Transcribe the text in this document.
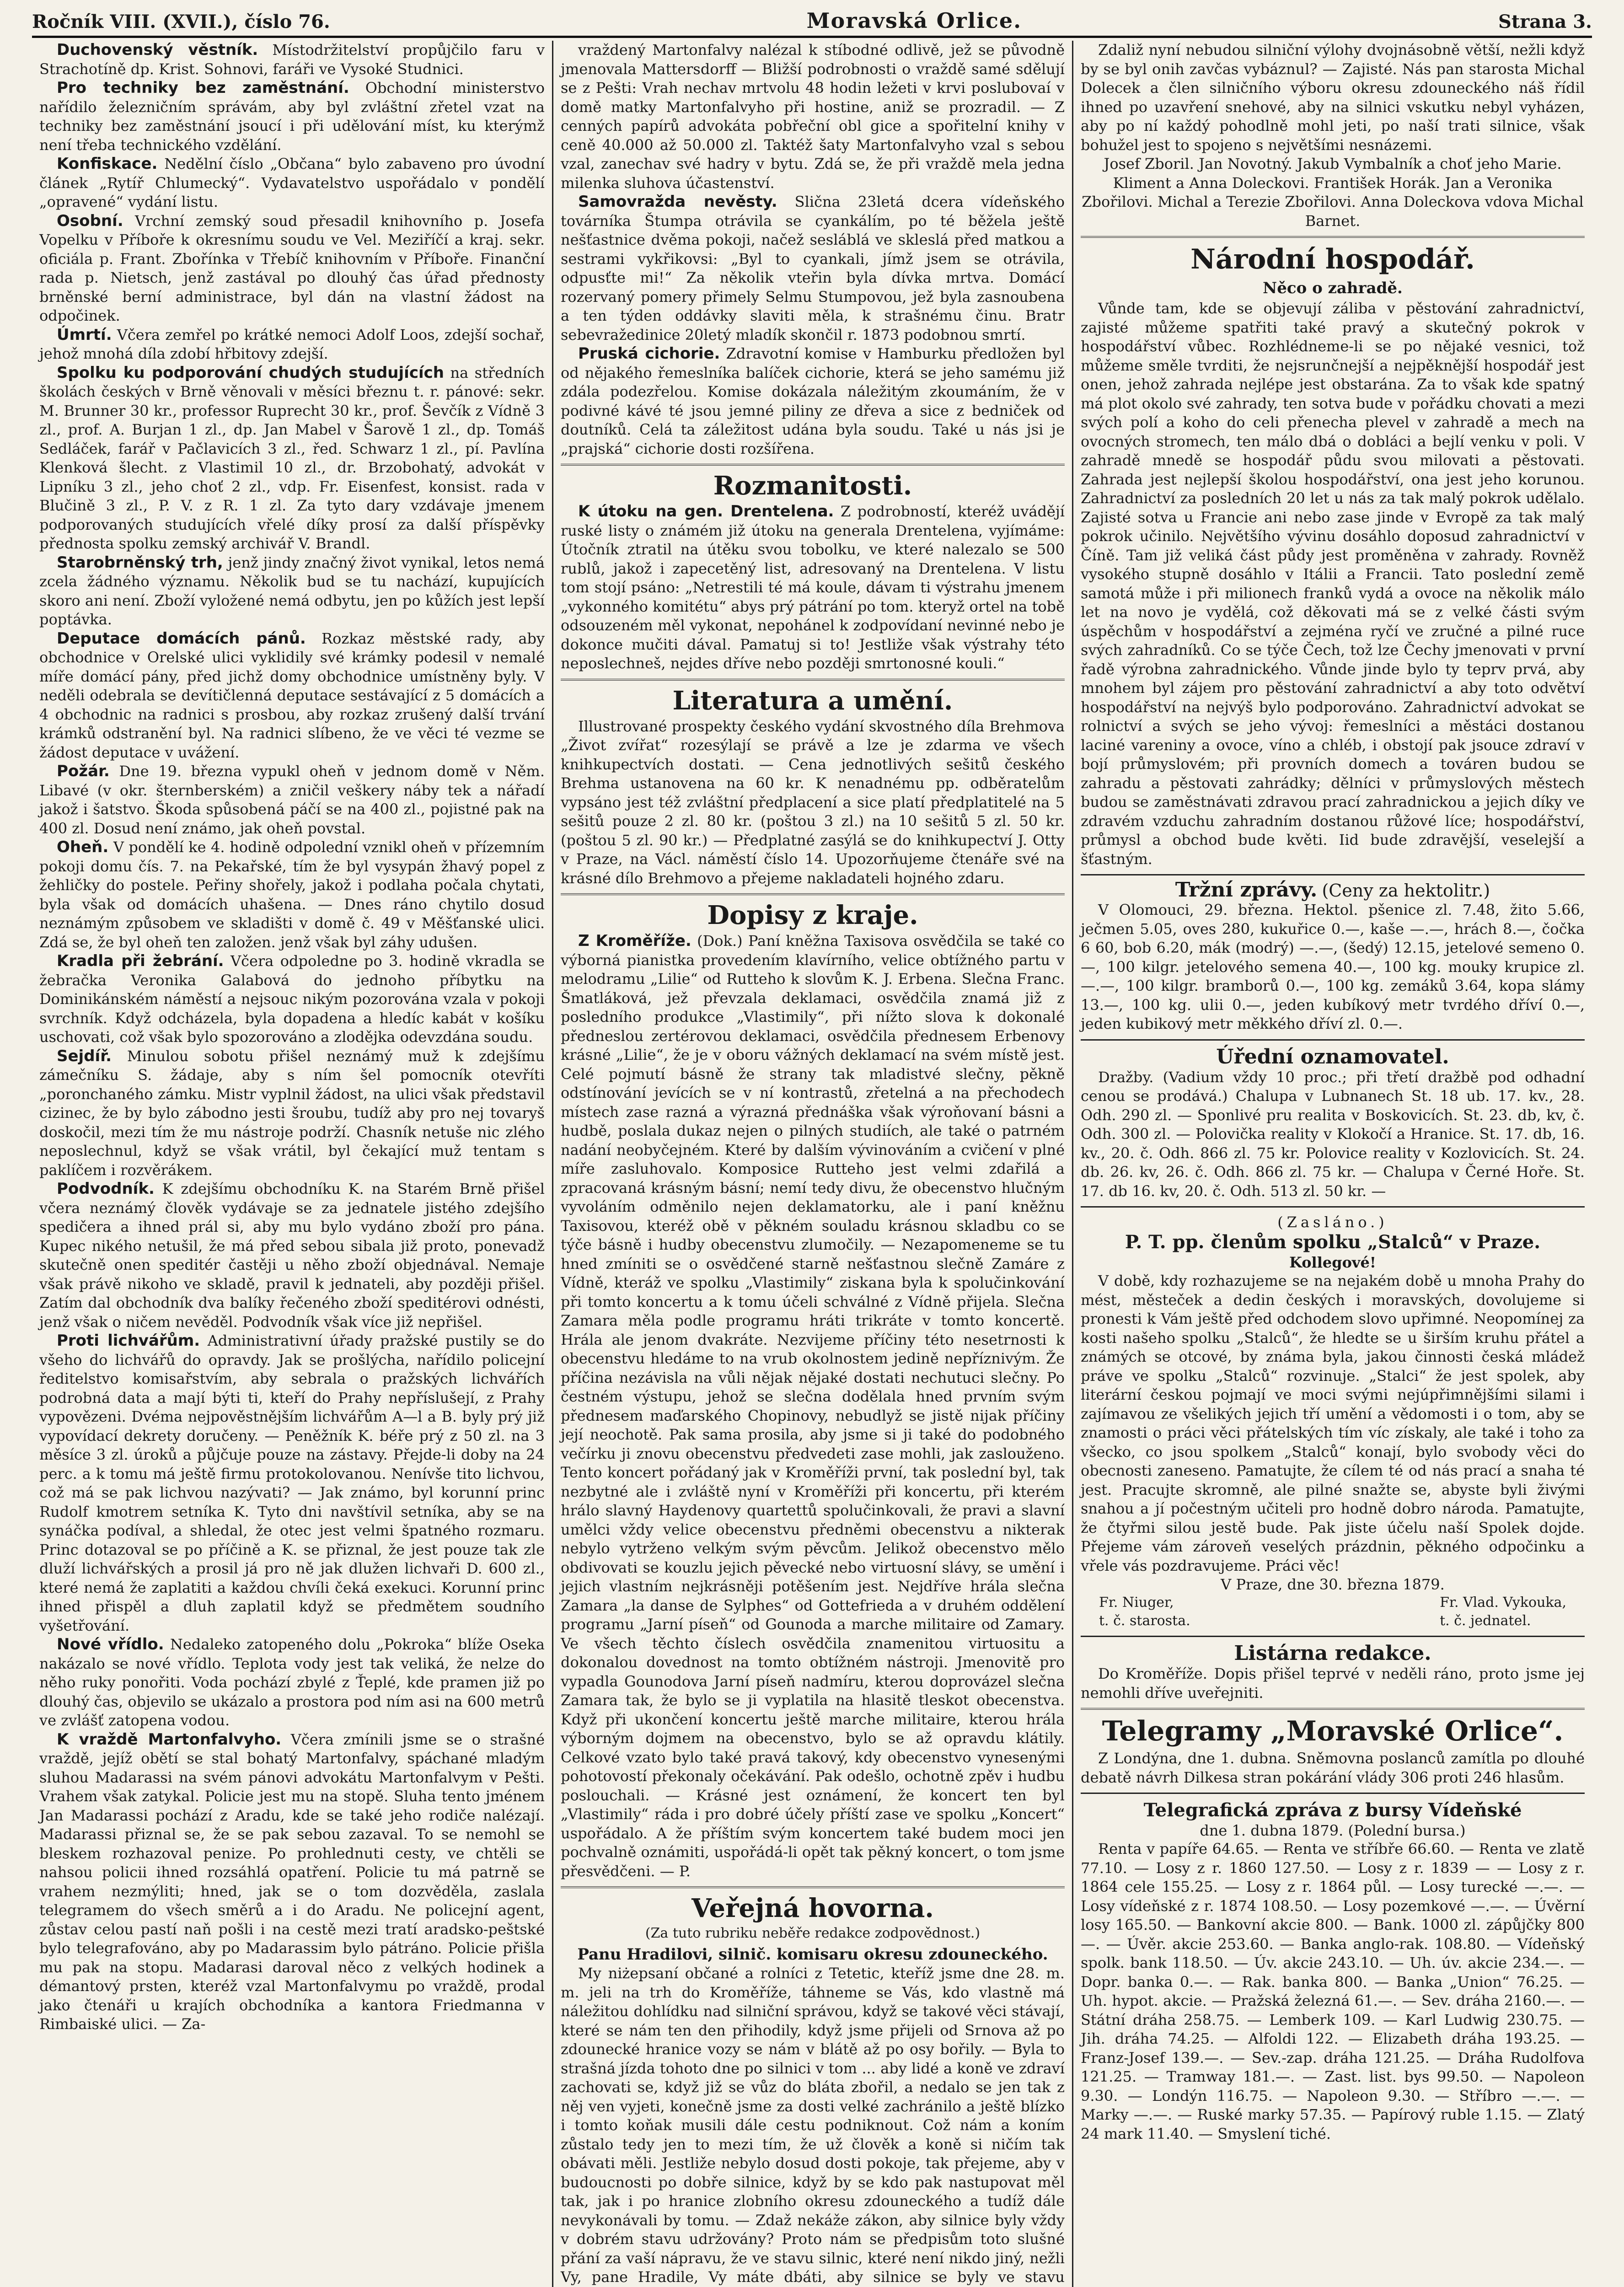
Ročník VIII. (XVII.), číslo 76.	Moravská Orlice.	Strana 3.

Duchovenský věstník. Místodržitelství propůjčilo faru v Strachotíně dp. Krist. Sohnovi, faráři ve Vysoké Studnici.

Pro techniky bez zaměstnání. Obchodní ministerstvo nařídilo železničním správám, aby byl zvláštní zřetel vzat na techniky bez zaměstnání jsoucí i při udělování míst, ku kterýmž není třeba technického vzdělání.

Konfiskace. Nedělní číslo „Občana“ bylo zabaveno pro úvodní článek „Rytíř Chlumecký“. Vydavatelstvo uspořádalo v pondělí „opravené“ vydání listu.

Osobní. Vrchní zemský soud přesadil knihovního p. Josefa Vopelku v Příboře k okresnímu soudu ve Vel. Meziříčí a kraj. sekr. oficiála p. Frant. Zbořínka v Třebíč knihovním v Příboře. Finanční rada p. Nietsch, jenž zastával po dlouhý čas úřad přednosty brněnské berní administrace, byl dán na vlastní žádost na odpočinek.

Úmrtí. Včera zemřel po krátké nemoci Adolf Loos, zdejší sochař, jehož mnohá díla zdobí hřbitovy zdejší.

Spolku ku podporování chudých studujících na středních školách českých v Brně věnovali v měsíci březnu t. r. pánové: sekr. M. Brunner 30 kr., professor Ruprecht 30 kr., prof. Ševčík z Vídně 3 zl., prof. A. Burjan 1 zl., dp. Jan Mabel v Šarově 1 zl., dp. Tomáš Sedláček, farář v Pačlavicích 3 zl., řed. Schwarz 1 zl., pí. Pavlína Klenková šlecht. z Vlastimil 10 zl., dr. Brzobohatý, advokát v Lipníku 3 zl., jeho choť 2 zl., vdp. Fr. Eisenfest, konsist. rada v Blučině 3 zl., P. V. z R. 1 zl. Za tyto dary vzdávaje jmenem podporovaných studujících vřelé díky prosí za další příspěvky přednosta spolku zemský archivář V. Brandl.

Starobrněnský trh, jenž jindy značný život vynikal, letos nemá zcela žádného významu. Několik bud se tu nachází, kupujících skoro ani není. Zboží vyložené nemá odbytu, jen po kůžích jest lepší poptávka.

Deputace domácích pánů. Rozkaz městské rady, aby obchodnice v Orelské ulici vyklidily své krámky podesil v nemalé míře domácí pány, před jichž domy obchodnice umístněny byly. V neděli odebrala se devítičlenná deputace sestávající z 5 domácích a 4 obchodnic na radnici s prosbou, aby rozkaz zrušený další trvání krámků odstranění byl. Na radnici slíbeno, že ve věci té vezme se žádost deputace v uvážení.

Požár. Dne 19. března vypukl oheň v jednom domě v Něm. Libavé (v okr. šternberském) a zničil veškery náby tek a nářadí jakož i šatstvo. Škoda spůsobená páčí se na 400 zl., pojistné pak na 400 zl. Dosud není známo, jak oheň povstal.

Oheň. V pondělí ke 4. hodině odpolední vznikl oheň v přízemním pokoji domu čís. 7. na Pekařské, tím že byl vysypán žhavý popel z žehličky do postele. Peřiny shořely, jakož i podlaha počala chytati, byla však od domácích uhašena. — Dnes ráno chytilo dosud neznámým způsobem ve skladišti v domě č. 49 v Měšťanské ulici. Zdá se, že byl oheň ten založen. jenž však byl záhy udušen.

Kradla při žebrání. Včera odpoledne po 3. hodině vkradla se žebračka Veronika Galabová do jednoho příbytku na Dominikánském náměstí a nejsouc nikým pozorována vzala v pokoji svrchník. Když odcházela, byla dopadena a hledíc kabát v košíku uschovati, což však bylo spozorováno a zlodějka odevzdána soudu.

Sejdíř. Minulou sobotu přišel neznámý muž k zdejšímu zámečníku S. žádaje, aby s ním šel pomocník otevříti „poronchaného zámku. Mistr vyplnil žádost, na ulici však představil cizinec, že by bylo zábodno jesti šroubu, tudíž aby pro nej tovaryš doskočil, mezi tím že mu nástroje podrží. Chasník netuše nic zlého neposlechnul, když se však vrátil, byl čekající muž tentam s paklíčem i rozvěrákem.

Podvodník. K zdejšímu obchodníku K. na Starém Brně přišel včera neznámý člověk vydávaje se za jednatele jistého zdejšího spedičera a ihned prál si, aby mu bylo vydáno zboží pro pána. Kupec nikého netušil, že má před sebou sibala již proto, ponevadž skutečně onen speditér častěji u něho zboží objednával. Nemaje však právě nikoho ve skladě, pravil k jednateli, aby později přišel. Zatím dal obchodník dva balíky řečeného zboží speditérovi odnésti, jenž však o ničem nevěděl. Podvodník však více již nepřišel.

Proti lichvářům. Administrativní úřady pražské pustily se do všeho do lichvářů do opravdy. Jak se prošlýcha, nařídilo policejní ředitelstvo komisařstvím, aby sebrala o pražských lichvářích podrobná data a mají býti ti, kteří do Prahy nepříslušejí, z Prahy vypovězeni. Dvéma nejpověstnějším lichvářům A—l a B. byly prý již vypovídací dekrety doručeny. — Peněžník K. béře prý z 50 zl. na 3 měsíce 3 zl. úroků a půjčuje pouze na zástavy. Přejde-li doby na 24 perc. a k tomu má ještě firmu protokolovanou. Nenívše tito lichvou, což má se pak lichvou nazývati? — Jak známo, byl korunní princ Rudolf kmotrem setníka K. Tyto dni navštívil setníka, aby se na synáčka podíval, a shledal, že otec jest velmi špatného rozmaru. Princ dotazoval se po příčině a K. se přiznal, že jest pouze tak zle dluží lichvářských a prosil já pro ně jak dlužen lichvaři D. 600 zl., které nemá že zaplatiti a každou chvíli čeká exekuci. Korunní princ ihned přispěl a dluh zaplatil když se předmětem soudního vyšetřování.

Nové vřídlo. Nedaleko zatopeného dolu „Pokroka“ blíže Oseka nakázalo se nové vřídlo. Teplota vody jest tak veliká, že nelze do něho ruky ponořiti. Voda pochází zbylé z Ťeplé, kde pramen již po dlouhý čas, objevilo se ukázalo a prostora pod ním asi na 600 metrů ve zvlášť zatopena vodou.

K vraždě Martonfalvyho. Včera zmínili jsme se o strašné vraždě, jejíž obětí se stal bohatý Martonfalvy, spáchané mladým sluhou Madarassi na svém pánovi advokátu Martonfalvym v Pešti. Vrahem však zatykal. Policie jest mu na stopě. Sluha tento jménem Jan Madarassi pochází z Aradu, kde se také jeho rodiče nalézají. Madarassi přiznal se, že se pak sebou zazaval. To se nemohl se bleskem rozhazoval penize. Po prohlednuti cesty, ve chtěli se nahsou policii ihned rozsáhlá opatření. Policie tu má patrně se vrahem nezmýliti; hned, jak se o tom dozvěděla, zaslala telegramem do všech směrů a i do Aradu. Ne policejní agent, zůstav celou pastí naň pošli i na cestě mezi tratí aradsko-peštské bylo telegrafováno, aby po Madarassim bylo pátráno. Policie přišla mu pak na stopu. Madarasi daroval něco z velkých hodinek a démantový prsten, kteréž vzal Martonfalvymu po vraždě, prodal jako čtenáři u krajích obchodníka a kantora Friedmanna v Rimbaiské ulici. — Za-

vraždený Martonfalvy nalézal k stíbodné odlivě, jež se původně jmenovala Mattersdorff — Bližší podrobnosti o vraždě samé sdělují se z Pešti: Vrah nechav mrtvolu 48 hodin ležeti v krvi poslubovaí v domě matky Martonfalvyho při hostine, aniž se prozradil. — Z cenných papírů advokáta pobřeční obl gice a spořitelní knihy v ceně 40.000 až 50.000 zl. Taktéž šaty Martonfalvyho vzal s sebou vzal, zanechav své hadry v bytu. Zdá se, že při vraždě mela jedna milenka sluhova účastenství.

Samovražda nevěsty. Slična 23letá dcera vídeňského továrníka Štumpa otrávila se cyankálím, po té běžela ještě nešťastnice dvěma pokoji, načež sesláblá ve skleslá před matkou a sestrami vykřikovsi: „Byl to cyankali, jímž jsem se otrávila, odpusťte mi!“ Za několik vteřin byla dívka mrtva. Domácí rozervaný pomery přimely Selmu Stumpovou, jež byla zasnoubena a ten týden oddávky slaviti měla, k strašnému činu. Bratr sebevražedinice 20letý mladík skončil r. 1873 podobnou smrtí.

Pruská cichorie. Zdravotní komise v Hamburku předložen byl od nějakého řemeslníka balíček cichorie, která se jeho samému již zdála podezřelou. Komise dokázala náležitým zkoumáním, že v podivné kávé té jsou jemné piliny ze dřeva a sice z bedniček od doutníků. Celá ta záležitost udána byla soudu. Také u nás jsi je „prajská“ cichorie dosti rozšířena.

Rozmanitosti.

K útoku na gen. Drentelena. Z podrobností, kteréž uvádějí ruské listy o známém již útoku na generala Drentelena, vyjímáme: Útočník ztratil na útěku svou tobolku, ve které nalezalo se 500 rublů, jakož i zapecetěný list, adresovaný na Drentelena. V listu tom stojí psáno: „Netrestili té má koule, dávam ti výstrahu jmenem „vykonného komitétu“ abys prý pátrání po tom. kteryž ortel na tobě odsouzeném měl vykonat, nepohánel k zodpovídaní nevinné nebo je dokonce mučiti dával. Pamatuj si to! Jestliže však výstrahy této neposlechneš, nejdes dříve nebo později smrtonosné kouli.“

Literatura a umění.

Illustrované prospekty českého vydání skvostného díla Brehmova „Život zvířat“ rozesýlají se právě a lze je zdarma ve všech knihkupectvích dostati. — Cena jednotlivých sešitů českého Brehma ustanovena na 60 kr. K nenadnému pp. odběratelům vypsáno jest též zvláštní předplacení a sice platí předplatitelé na 5 sešitů pouze 2 zl. 80 kr. (poštou 3 zl.) na 10 sešitů 5 zl. 50 kr. (poštou 5 zl. 90 kr.) — Předplatné zasýlá se do knihkupectví J. Otty v Praze, na Václ. náměstí číslo 14. Upozorňujeme čtenáře své na krásné dílo Brehmovo a přejeme nakladateli hojného zdaru.

Dopisy z kraje.

Z Kroměříže. (Dok.) Paní kněžna Taxisova osvědčila se také co výborná pianistka provedením klavírního, velice obtížného partu v melodramu „Lilie“ od Rutteho k slovům K. J. Erbena. Slečna Franc. Šmatláková, jež převzala deklamaci, osvědčila znamá již z posledního produkce „Vlastimily“, při nížto slova k dokonalé předneslou zertérovou deklamaci, osvědčila přednesem Erbenovy krásné „Lilie“, že je v oboru vážných deklamací na svém místě jest. Celé pojmutí básně že strany tak mladistvé slečny, pěkně odstínování jevících se v ní kontrastů, zřetelná a na přechodech místech zase razná a výrazná přednáška však výroňovaní básni a hudbě, poslala dukaz nejen o pilných studiích, ale také o patrném nadání neobyčejném. Které by dalším vývinováním a cvičení v plné míře zasluhovalo. Komposice Rutteho jest velmi zdařilá a zpracovaná krásným básní; nemí tedy divu, že obecenstvo hlučným vyvoláním odměnilo nejen deklamatorku, ale i paní kněžnu Taxisovou, kteréž obě v pěkném souladu krásnou skladbu co se týče básně i hudby obecenstvu zlumočily. — Nezapomeneme se tu hned zmíniti se o osvědčené starně nešťastnou slečně Zamáre z Vídně, kteráž ve spolku „Vlastimily“ ziskana byla k spolučinkování při tomto koncertu a k tomu účeli schválné z Vídně přijela. Slečna Zamara měla podle programu hráti trikráte v tomto koncertě. Hrála ale jenom dvakráte. Nezvijeme příčiny této nesetrnosti k obecenstvu hledáme to na vrub okolnostem jedině nepříznivým. Že příčina nezávisla na vůli nějak nějaké dostati nechutuci slečny. Po čestném výstupu, jehož se slečna dodělala hned prvním svým přednesem maďarského Chopinovy, nebudlyž se jistě nijak příčiny její neochotě. Pak sama prosila, aby jsme si ji také do podobného večírku ji znovu obecenstvu předvedeti zase mohli, jak zaslouženo. Tento koncert pořádaný jak v Kroměříži první, tak poslední byl, tak nezbytné ale i zvláště nyní v Kroměříži při koncertu, při kterém hrálo slavný Haydenovy quartettů spolučinkovali, že pravi a slavní umělci vždy velice obecenstvu předněmi obecenstvu a nikterak nebylo vytrženo velkým svým pěvcům. Jelikož obecenstvo mělo obdivovati se kouzlu jejich pěvecké nebo virtuosní slávy, se umění i jejich vlastním nejkrásněji potěšením jest. Nejdříve hrála slečna Zamara „la danse de Sylphes“ od Gottefrieda a v druhém oddělení programu „Jarní píseň“ od Gounoda a marche militaire od Zamary. Ve všech těchto číslech osvědčila znamenitou virtuositu a dokonalou dovednost na tomto obtížném nástroji. Jmenovitě pro vypadla Gounodova Jarní píseň nadmíru, kterou doprovázel slečna Zamara tak, že bylo se ji vyplatila na hlasitě tleskot obecenstva. Když při ukončení koncertu ještě marche militaire, kterou hrála výborným dojmem na obecenstvo, bylo se až opravdu klátily. Celkové vzato bylo také pravá takový, kdy obecenstvo vynesenými pohotovostí překonaly očekávání. Pak odešlo, ochotně zpěv i hudbu poslouchali. — Krásné jest oznámení, že koncert ten byl „Vlastimily“ ráda i pro dobré účely příští zase ve spolku „Koncert“ uspořádalo. A že příštím svým koncertem také budem moci jen pochvalně oznámiti, uspořádá-li opět tak pěkný koncert, o tom jsme přesvědčeni. — P.

Veřejná hovorna.
(Za tuto rubriku neběře redakce zodpovědnost.)
Panu Hradilovi, silnič. komisaru okresu zdouneckého.

My niżepsaní občané a rolníci z Tetetic, kteříž jsme dne 28. m. m. jeli na trh do Kroměříže, táhneme se Vás, kdo vlastně má náležitou dohlídku nad silniční správou, když se takové věci stávají, které se nám ten den přihodily, když jsme přijeli od Srnova až po zdounecké hranice vozy se nám v blátě až po osy bořily. — Byla to strašná jízda tohoto dne po silnici v tom ... aby lidé a koně ve zdraví zachovati se, když již se vůz do bláta zbořil, a nedalo se jen tak z něj ven vyjeti, konečně jsme za dosti velké zachránilo a ještě blízko i tomto koňak musili dále cestu podniknout. Což nám a koním zůstalo tedy jen to mezi tím, že už člověk a koně si ničím tak obávati měli. Jestliže nebylo dosud dosti pokoje, tak přejeme, aby v budoucnosti po dobře silnice, když by se kdo pak nastupovat měl tak, jak i po hranice zlobního okresu zdouneckého a tudíž dále nevykonávali by tomu. — Zdaž nekáže zákon, aby silnice byly vždy v dobrém stavu udržovány? Proto nám se předpisům toto slušné přání za vaší nápravu, že ve stavu silnic, které není nikdo jiný, nežli Vy, pane Hradile, Vy máte dbáti, aby silnice se byly ve stavu

Zdaliž nyní nebudou silniční výlohy dvojnásobně větší, nežli když by se byl onih zavčas vybáznul? — Zajisté. Nás pan starosta Michal Dolecek a člen silničního výboru okresu zdouneckého náš řídil ihned po uzavření snehové, aby na silnici vskutku nebyl vyházen, aby po ní každý pohodlně mohl jeti, po naší trati silnice, však bohužel jest to spojeno s největšími nesnázemi.

Josef Zboril. Jan Novotný. Jakub Vymbalník a choť jeho Marie. Kliment a Anna Doleckovi. František Horák. Jan a Veronika Zbořilovi. Michal a Terezie Zbořilovi. Anna Doleckova vdova Michal Barnet.

Národní hospodář.
Něco o zahradě.

Vůnde tam, kde se objevují záliba v pěstování zahradnictví, zajisté můžeme spatřiti také pravý a skutečný pokrok v hospodářství vůbec. Rozhlédneme-li se po nějaké vesnici, tož můžeme směle tvrditi, že nejsrunčnejší a nejpěknější hospodář jest onen, jehož zahrada nejlépe jest obstarána. Za to však kde spatný má plot okolo své zahrady, ten sotva bude v pořádku chovati a mezi svých polí a koho do celi přenecha plevel v zahradě a mech na ovocných stromech, ten málo dbá o dobláci a bejlí venku v poli. V zahradě mnedě se hospodář půdu svou milovati a pěstovati. Zahrada jest nejlepší školou hospodářství, ona jest jeho korunou. Zahradnictví za posledních 20 let u nás za tak malý pokrok udělalo. Zajisté sotva u Francie ani nebo zase jinde v Evropě za tak malý pokrok učinilo. Největšího vývinu dosáhlo doposud zahradnictví v Číně. Tam již veliká část půdy jest proměněna v zahrady. Rovněž vysokého stupně dosáhlo v Itálii a Francii. Tato poslední země samotá může i při milionech franků vydá a ovoce na několik málo let na novo je vydělá, což děkovati má se z velké části svým úspěchům v hospodářství a zejména ryčí ve zručné a pilné ruce svých zahradníků. Co se týče Čech, tož lze Čechy jmenovati v první řadě výrobna zahradnického. Vůnde jinde bylo ty teprv prvá, aby mnohem byl zájem pro pěstování zahradnictví a aby toto odvětví hospodářství na nejvýš bylo podporováno. Zahradnictví advokat se rolnictví a svých se jeho vývoj: řemeslníci a městáci dostanou laciné vareniny a ovoce, víno a chléb, i obstojí pak jsouce zdraví v bojí průmyslovém; při provních domech a továren budou se zahradu a pěstovati zahrádky; dělníci v průmyslových městech budou se zaměstnávati zdravou prací zahradnickou a jejich díky ve zdravém vzduchu zahradním dostanou růžové líce; hospodářství, průmysl a obchod bude květi. Iid bude zdravější, veselejší a šťastným.

Tržní zprávy. (Ceny za hektolitr.)

V Olomouci, 29. března. Hektol. pšenice zl. 7.48, žito 5.66, ječmen 5.05, oves 280, kukuřice 0.—, kaše —.—, hrách 8.—, čočka 6 60, bob 6.20, mák (modrý) —.—, (šedý) 12.15, jetelové semeno 0.—, 100 kilgr. jetelového semena 40.—, 100 kg. mouky krupice zl. —.—, 100 kilgr. bramborů 0.—, 100 kg. zemáků 3.64, kopa slámy 13.—, 100 kg. ulii 0.—, jeden kubíkový metr tvrdého dříví 0.—, jeden kubikový metr měkkého dříví zl. 0.—.

Úřední oznamovatel.

Dražby. (Vadium vždy 10 proc.; při třetí dražbě pod odhadní cenou se prodává.) Chalupa v Lubnanech St. 18 ub. 17. kv., 28. Odh. 290 zl. — Sponlivé pru realita v Boskovicích. St. 23. db, kv, č. Odh. 300 zl. — Polovička reality v Klokočí a Hranice. St. 17. db, 16. kv., 20. č. Odh. 866 zl. 75 kr. Polovice reality v Kozlovicích. St. 24. db. 26. kv, 26. č. Odh. 866 zl. 75 kr. — Chalupa v Černé Hoře. St. 17. db 16. kv, 20. č. Odh. 513 zl. 50 kr. —

(Zasláno.)
P. T. pp. členům spolku „Stalců“ v Praze.
Kollegové!

V době, kdy rozhazujeme se na nejakém době u mnoha Prahy do mést, městeček a dedin českých i moravských, dovolujeme si pronesti k Vám ještě před odchodem slovo upřimné. Neopomínej za kosti našeho spolku „Stalců“, že hledte se u širším kruhu přátel a známých se otcové, by známa byla, jakou činnosti česká mládež práve ve spolku „Stalců“ rozvinuje. „Stalci“ že jest spolek, aby literární českou pojmají ve moci svými nejúpřimnějšími silami i zajímavou ze všelikých jejich tří umění a vědomosti i o tom, aby se znamosti o práci věci přátelských tím víc získaly, ale také i toho za všecko, co jsou spolkem „Stalců“ konají, bylo svobody věci do obecnosti zaneseno. Pamatujte, že cílem té od nás prací a snaha té jest. Pracujte skromně, ale pilné snažte se, abyste byli živými snahou a jí počestným učiteli pro hodně dobro národa. Pamatujte, že čtyřmi silou jestě bude. Pak jiste účelu naší Spolek dojde. Přejeme vám zároveň veselých prázdnin, pěkného odpočinku a vřele vás pozdravujeme. Práci věc!

V Praze, dne 30. března 1879.
Fr. Niuger,
t. č. starosta.
Fr. Vlad. Vykouka,
t. č. jednatel.
Listárna redakce.

Do Kroměříže. Dopis přišel teprvé v neděli ráno, proto jsme jej nemohli dříve uveřejniti.

Telegramy „Moravské Orlice“.

Z Londýna, dne 1. dubna. Sněmovna poslanců zamítla po dlouhé debatě návrh Dilkesa stran pokárání vlády 306 proti 246 hlasům.

Telegrafická zpráva z bursy Vídeňské
dne 1. dubna 1879. (Polední bursa.)

Renta v papíře 64.65. — Renta ve stříbře 66.60. — Renta ve zlatě 77.10. — Losy z r. 1860 127.50. — Losy z r. 1839 — — Losy z r. 1864 cele 155.25. — Losy z r. 1864 půl. — Losy turecké —.—. — Losy vídeňské z r. 1874 108.50. — Losy pozemkové —.—. — Úvěrní losy 165.50. — Bankovní akcie 800. — Bank. 1000 zl. zápůjčky 800 —. — Úvěr. akcie 253.60. — Banka anglo-rak. 108.80. — Vídeňský spolk. bank 118.50. — Úv. akcie 243.10. — Uh. úv. akcie 234.—. — Dopr. banka 0.—. — Rak. banka 800. — Banka „Union“ 76.25. — Uh. hypot. akcie. — Pražská železná 61.—. — Sev. dráha 2160.—. — Státní dráha 258.75. — Lemberk 109. — Karl Ludwig 230.75. — Jih. dráha 74.25. — Alfoldi 122. — Elizabeth dráha 193.25. — Franz-Josef 139.—. — Sev.-zap. dráha 121.25. — Dráha Rudolfova 121.25. — Tramway 181.—. — Zast. list. bys 99.50. — Napoleon 9.30. — Londýn 116.75. — Napoleon 9.30. — Stříbro —.—. — Marky —.—. — Ruské marky 57.35. — Papírový ruble 1.15. — Zlatý 24 mark 11.40. — Smyslení tiché.
